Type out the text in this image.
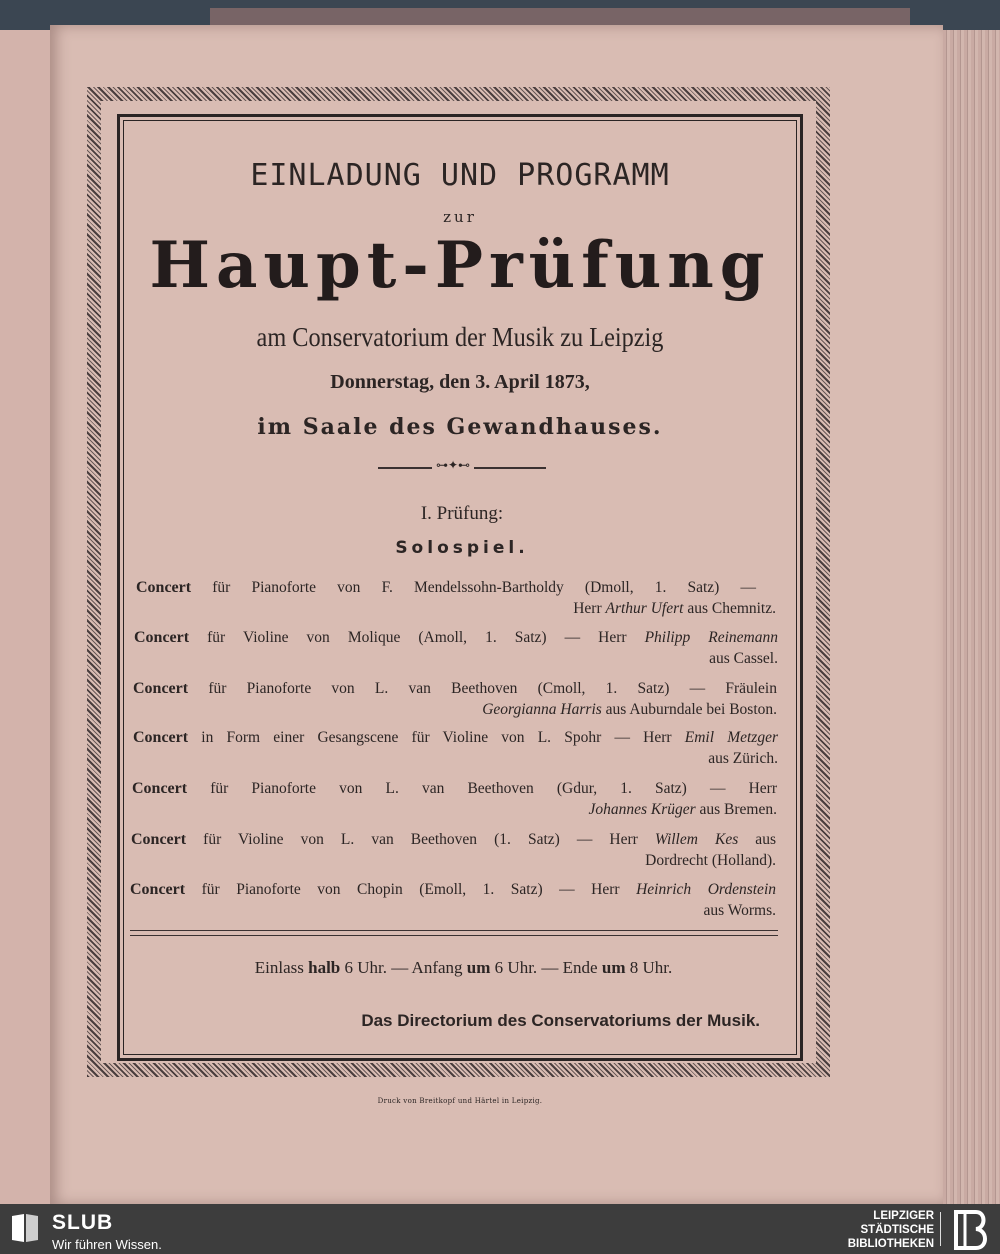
EINLADUNG UND PROGRAMM
zur
Haupt-Prüfung
am Conservatorium der Musik zu Leipzig
Donnerstag, den 3. April 1873,
im Saale des Gewandhauses.
⊶✦⊷
I. Prüfung:
Solospiel.
Concert für Pianoforte von F. Mendelssohn-Bartholdy (Dmoll, 1. Satz) —
Herr Arthur Ufert aus Chemnitz.
Concert für Violine von Molique (Amoll, 1. Satz) — Herr Philipp Reinemann
aus Cassel.
Concert für Pianoforte von L. van Beethoven (Cmoll, 1. Satz) — Fräulein
Georgianna Harris aus Auburndale bei Boston.
Concert in Form einer Gesangscene für Violine von L. Spohr — Herr Emil Metzger
aus Zürich.
Concert für Pianoforte von L. van Beethoven (Gdur, 1. Satz) — Herr
Johannes Krüger aus Bremen.
Concert für Violine von L. van Beethoven (1. Satz) — Herr Willem Kes aus
Dordrecht (Holland).
Concert für Pianoforte von Chopin (Emoll, 1. Satz) — Herr Heinrich Ordenstein
aus Worms.
Einlass halb 6 Uhr. — Anfang um 6 Uhr. — Ende um 8 Uhr.
Das Directorium des Conservatoriums der Musik.
Druck von Breitkopf und Härtel in Leipzig.
SLUB
Wir führen Wissen.
LEIPZIGER
STÄDTISCHE
BIBLIOTHEKEN
